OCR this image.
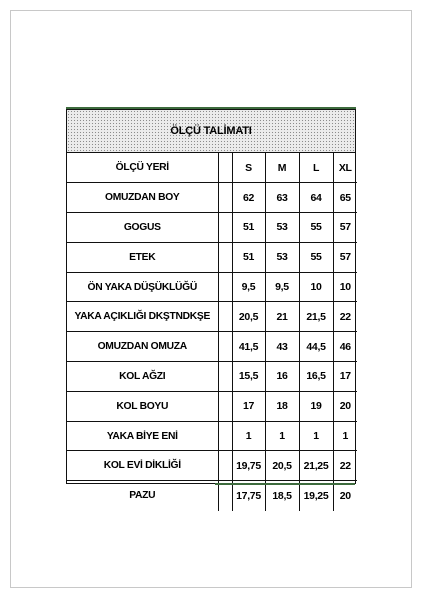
ÖLÇÜ TALİMATI
ÖLÇÜ YERİ		S	M	L	XL
OMUZDAN BOY		62	63	64	65
GOGUS		51	53	55	57
ETEK		51	53	55	57
ÖN YAKA DÜŞÜKLÜĞÜ		9,5	9,5	10	10
YAKA AÇIKLIĞI DKŞTNDKŞE		20,5	21	21,5	22
OMUZDAN OMUZA		41,5	43	44,5	46
KOL AĞZI		15,5	16	16,5	17
KOL BOYU		17	18	19	20
YAKA BİYE ENİ		1	1	1	1
KOL EVİ DİKLİĞİ		19,75	20,5	21,25	22
PAZU		17,75	18,5	19,25	20
